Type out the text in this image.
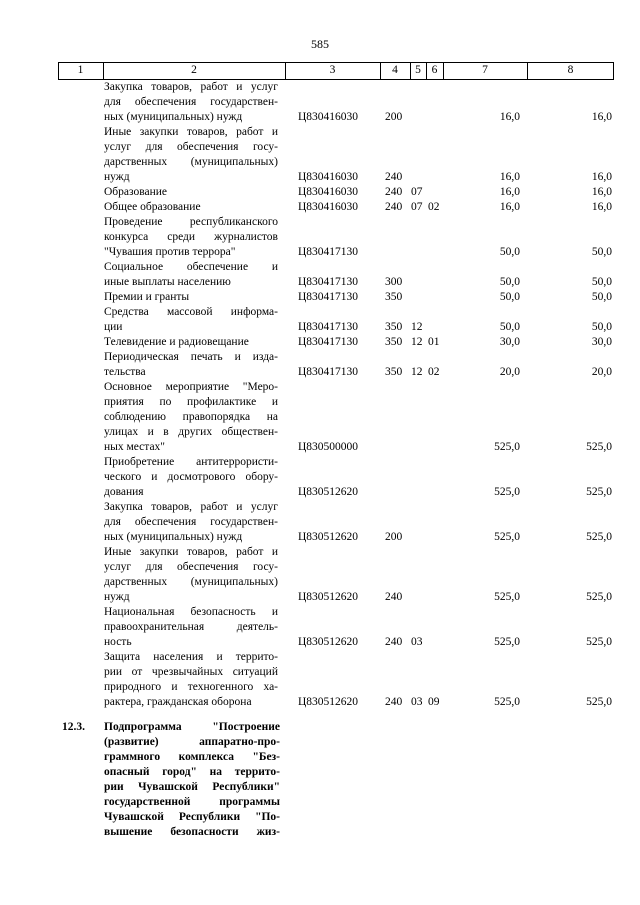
585
1	2	3	4	5 6	7	8
Закупка товаров, работ и услуг
для обеспечения государствен-
ных (муниципальных) нужд	Ц830416030 200	16,0	16,0
Иные закупки товаров, работ и
услуг для обеспечения госу-
дарственных (муниципальных)
нужд	Ц830416030 240	16,0	16,0
Образование	Ц830416030 240 07	16,0	16,0
Общее образование	Ц830416030 240 07 02	16,0	16,0
Проведение республиканского
конкурса среди журналистов
"Чувашия против террора"	Ц830417130	50,0	50,0
Социальное обеспечение и
иные выплаты населению	Ц830417130 300	50,0	50,0
Премии и гранты	Ц830417130 350	50,0	50,0
Средства массовой информа-
ции	Ц830417130 350 12	50,0	50,0
Телевидение и радиовещание	Ц830417130 350 12 01	30,0	30,0
Периодическая печать и изда-
тельства	Ц830417130 350 12 02	20,0	20,0
Основное мероприятие "Меро-
приятия по профилактике и
соблюдению правопорядка на
улицах и в других обществен-
ных местах"	Ц830500000	525,0	525,0
Приобретение антитеррористи-
ческого и досмотрового обору-
дования	Ц830512620	525,0	525,0
Закупка товаров, работ и услуг
для обеспечения государствен-
ных (муниципальных) нужд	Ц830512620 200	525,0	525,0
Иные закупки товаров, работ и
услуг для обеспечения госу-
дарственных (муниципальных)
нужд	Ц830512620 240	525,0	525,0
Национальная безопасность и
правоохранительная деятель-
ность	Ц830512620 240 03	525,0	525,0
Защита населения и террито-
рии от чрезвычайных ситуаций
природного и техногенного ха-
рактера, гражданская оборона	Ц830512620 240 03 09	525,0	525,0
12.3. Подпрограмма "Построение
(развитие) аппаратно-про-
граммного комплекса "Без-
опасный город" на террито-
рии Чувашской Республики"
государственной программы
Чувашской Республики "По-
вышение безопасности жиз-
